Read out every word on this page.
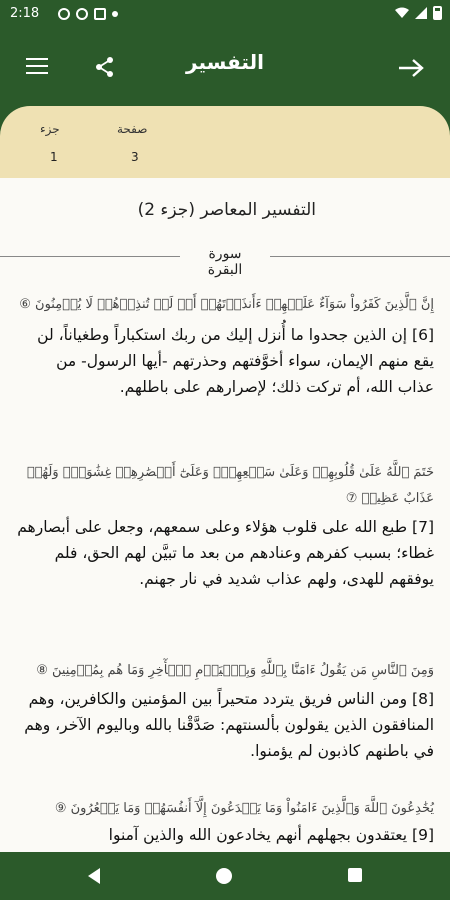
2:18
التفسير
جزء
1
صفحة
3
التفسير المعاصر (جزء 2)
سورة البقرة
إِنَّ ٱلَّذِينَ كَفَرُواْ سَوَآءٌ عَلَيۡهِمۡ ءَأَنذَرۡتَهُمۡ أَمۡ لَمۡ تُنذِرۡهُمۡ لَا يُؤۡمِنُونَ ⑥
[6] إن الذين جحدوا ما أُنزل إليك من ربك استكباراً وطغياناً، لن يقع منهم الإيمان، سواء أخوَّفتهم وحذرتهم -أيها الرسول- من عذاب الله، أم تركت ذلك؛ لإصرارهم على باطلهم.
خَتَمَ ٱللَّهُ عَلَىٰ قُلُوبِهِمۡ وَعَلَىٰ سَمۡعِهِمۡۖ وَعَلَىٰٓ أَبۡصَٰرِهِمۡ غِشَٰوَةٞۖ وَلَهُمۡ عَذَابٌ عَظِيمٞ ⑦
[7] طبع الله على قلوب هؤلاء وعلى سمعهم، وجعل على أبصارهم غطاء؛ بسبب كفرهم وعنادهم من بعد ما تبيَّن لهم الحق، فلم يوفقهم للهدى، ولهم عذاب شديد في نار جهنم.
وَمِنَ ٱلنَّاسِ مَن يَقُولُ ءَامَنَّا بِٱللَّهِ وَبِٱلۡيَوۡمِ ٱلۡأٓخِرِ وَمَا هُم بِمُؤۡمِنِينَ ⑧
[8] ومن الناس فريق يتردد متحيراً بين المؤمنين والكافرين، وهم المنافقون الذين يقولون بألسنتهم: صَدَّقْنا بالله وباليوم الآخر، وهم في باطنهم كاذبون لم يؤمنوا.
يُخَٰدِعُونَ ٱللَّهَ وَٱلَّذِينَ ءَامَنُواْ وَمَا يَخۡدَعُونَ إِلَّآ أَنفُسَهُمۡ وَمَا يَشۡعُرُونَ ⑨
[9] يعتقدون بجهلهم أنهم يخادعون الله والذين آمنوا
